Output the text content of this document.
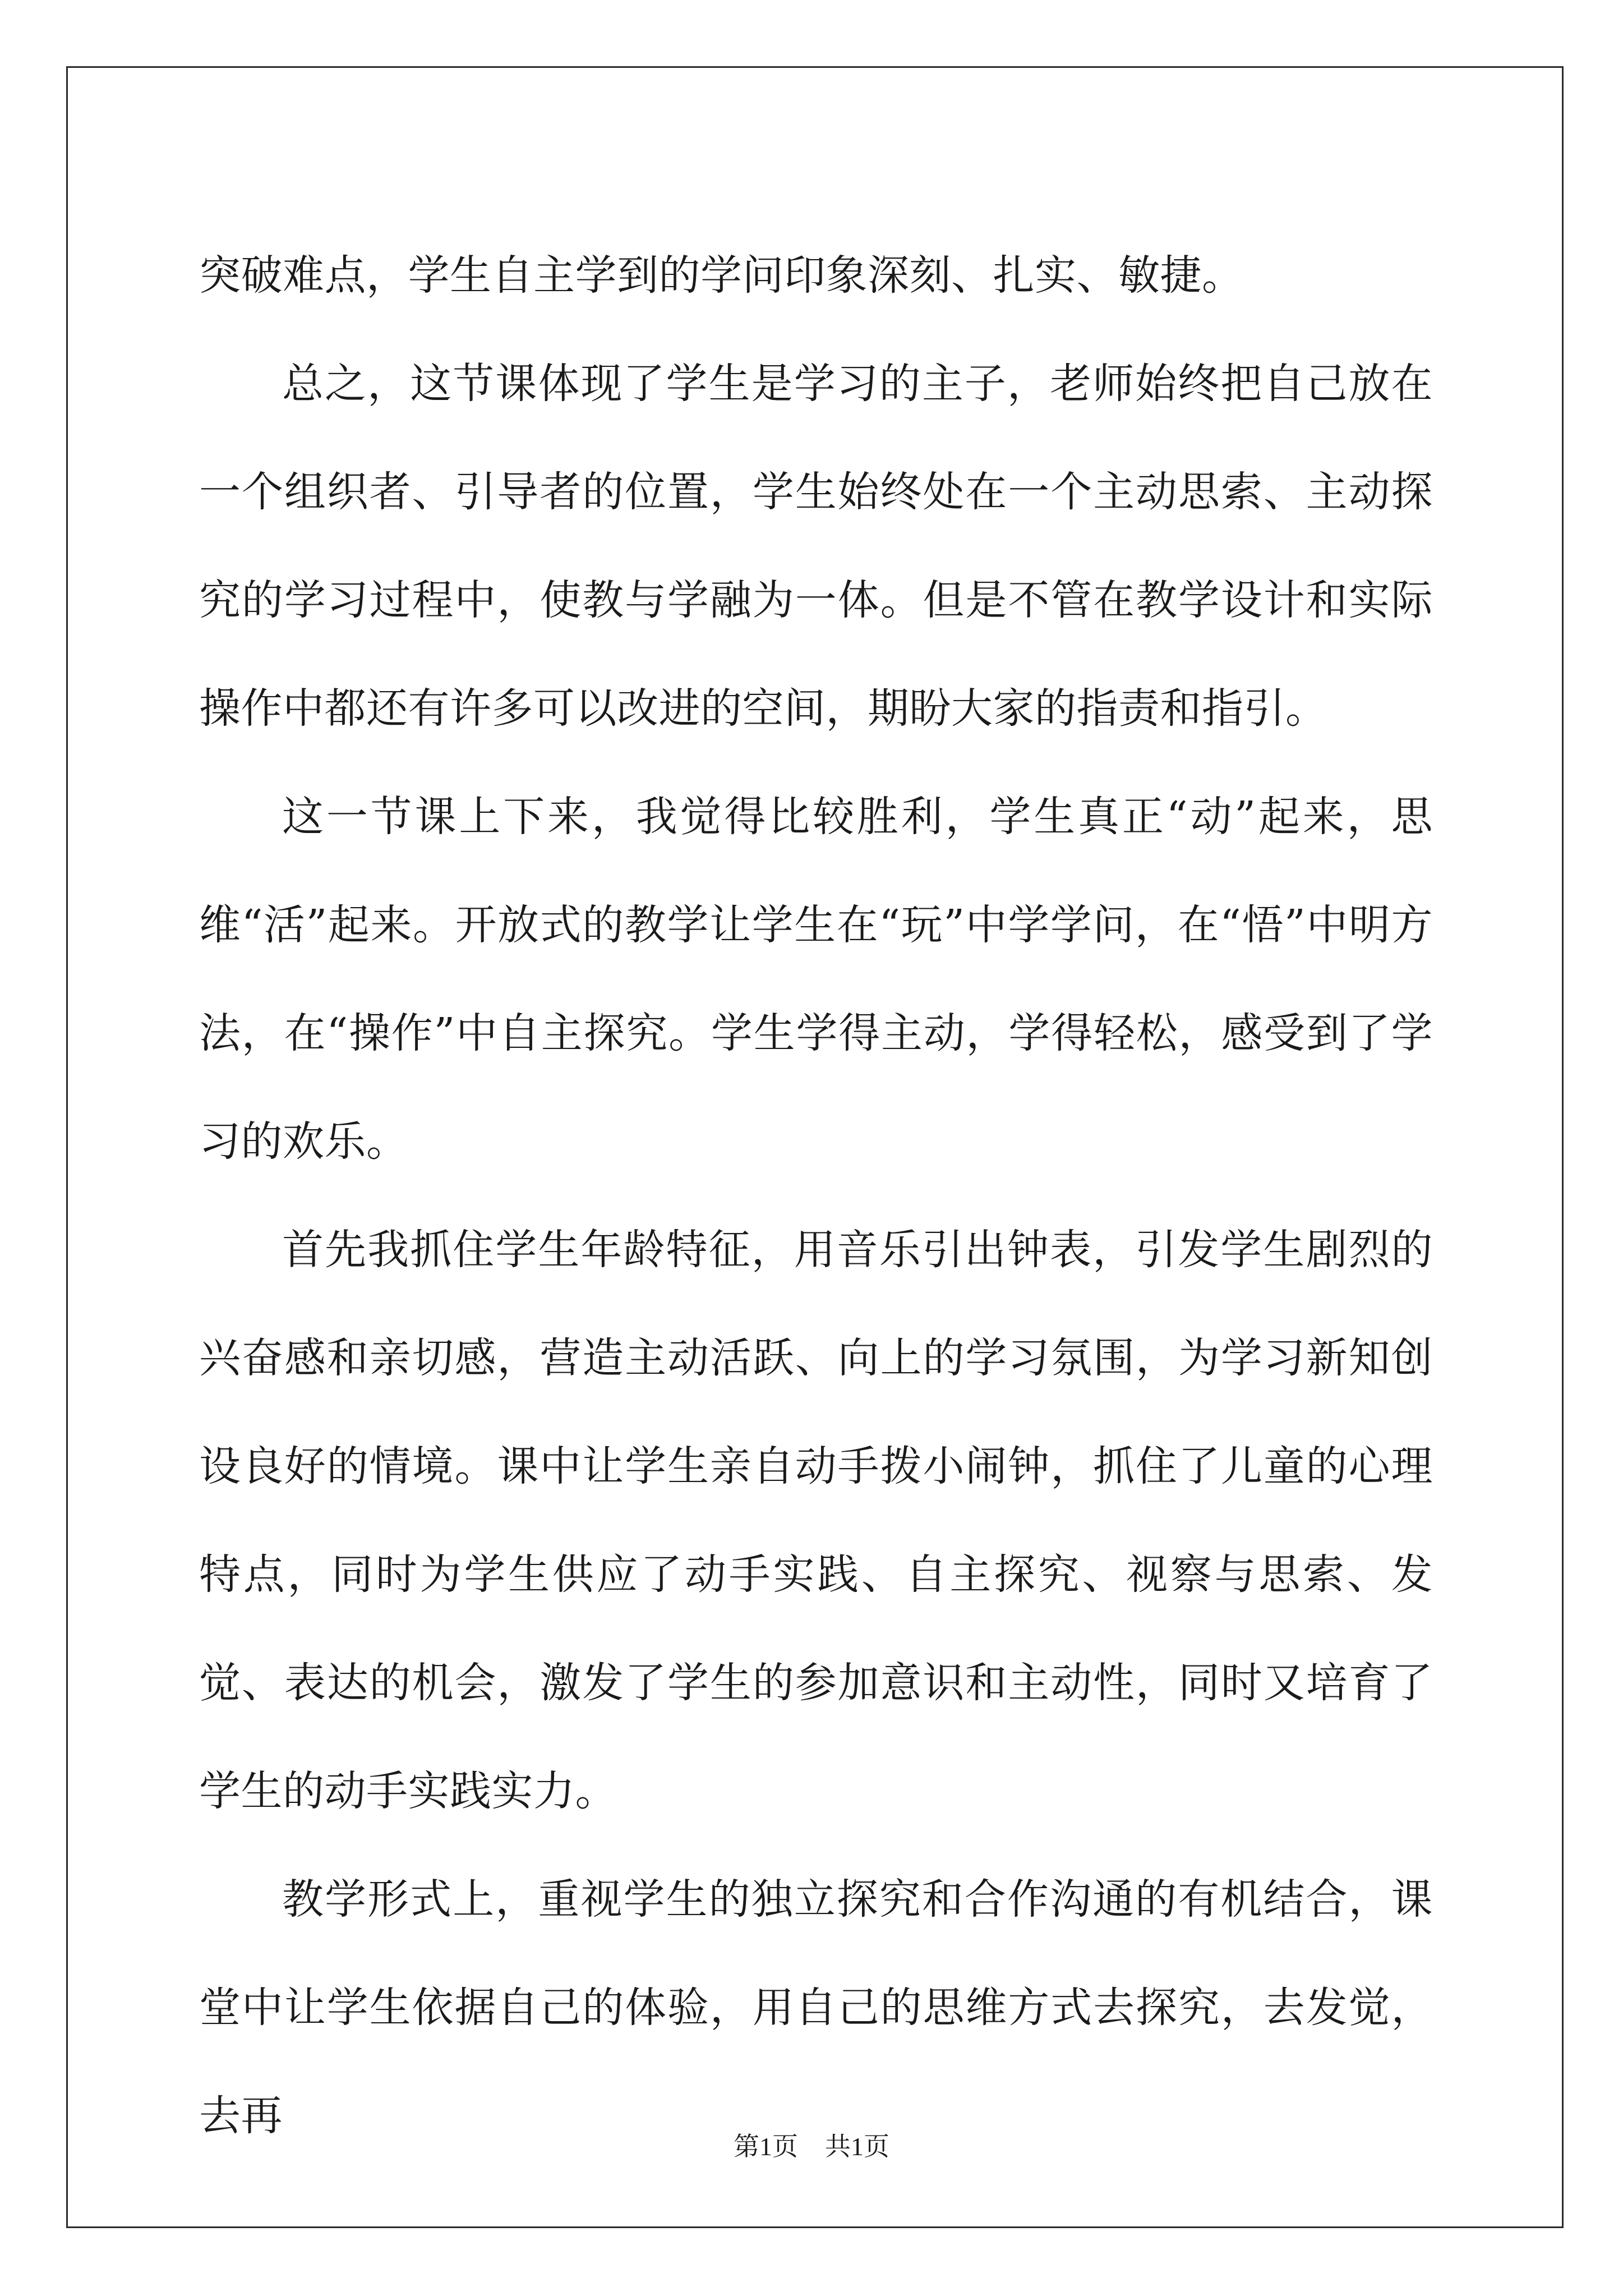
突破难点，学生自主学到的学问印象深刻、扎实、敏捷。

总之，这节课体现了学生是学习的主子，老师始终把自己放在一个组织者、引导者的位置，学生始终处在一个主动思索、主动探究的学习过程中，使教与学融为一体。但是不管在教学设计和实际操作中都还有许多可以改进的空间，期盼大家的指责和指引。

这一节课上下来，我觉得比较胜利，学生真正“动”起来，思维“活”起来。开放式的教学让学生在“玩”中学学问，在“悟”中明方法，在“操作”中自主探究。学生学得主动，学得轻松，感受到了学习的欢乐。

首先我抓住学生年龄特征，用音乐引出钟表，引发学生剧烈的兴奋感和亲切感，营造主动活跃、向上的学习氛围，为学习新知创设良好的情境。课中让学生亲自动手拨小闹钟，抓住了儿童的心理特点，同时为学生供应了动手实践、自主探究、视察与思索、发觉、表达的机会，激发了学生的参加意识和主动性，同时又培育了学生的动手实践实力。

教学形式上，重视学生的独立探究和合作沟通的有机结合，课堂中让学生依据自己的体验，用自己的思维方式去探究，去发觉，去再

第1页 共1页
